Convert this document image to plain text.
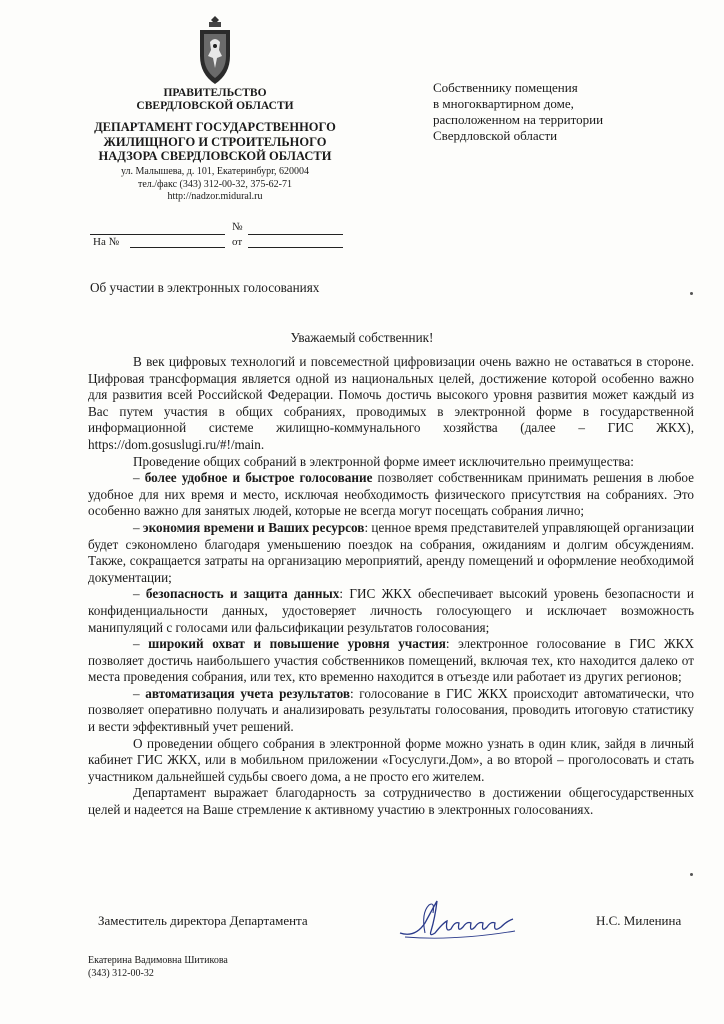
ПРАВИТЕЛЬСТВО
СВЕРДЛОВСКОЙ ОБЛАСТИ
ДЕПАРТАМЕНТ ГОСУДАРСТВЕННОГО
ЖИЛИЩНОГО И СТРОИТЕЛЬНОГО
НАДЗОРА СВЕРДЛОВСКОЙ ОБЛАСТИ
ул. Малышева, д. 101, Екатеринбург, 620004
тел./факс (343) 312-00-32, 375-62-71
http://nadzor.midural.ru
№
На №	от
Собственнику помещения
в многоквартирном доме,
расположенном на территории
Свердловской области
Об участии в электронных голосованиях
Уважаемый собственник!

В век цифровых технологий и повсеместной цифровизации очень важно не оставаться в стороне. Цифровая трансформация является одной из национальных целей, достижение которой особенно важно для развития всей Российской Федерации. Помочь достичь высокого уровня развития может каждый из Вас путем участия в общих собраниях, проводимых в электронной форме в государственной информационной системе жилищно-коммунального хозяйства (далее – ГИС ЖКХ), https://dom.gosuslugi.ru/#!/main.

Проведение общих собраний в электронной форме имеет исключительно преимущества:

– более удобное и быстрое голосование позволяет собственникам принимать решения в любое удобное для них время и место, исключая необходимость физического присутствия на собраниях. Это особенно важно для занятых людей, которые не всегда могут посещать собрания лично;

– экономия времени и Ваших ресурсов: ценное время представителей управляющей организации будет сэкономлено благодаря уменьшению поездок на собрания, ожиданиям и долгим обсуждениям. Также, сокращается затраты на организацию мероприятий, аренду помещений и оформление необходимой документации;

– безопасность и защита данных: ГИС ЖКХ обеспечивает высокий уровень безопасности и конфиденциальности данных, удостоверяет личность голосующего и исключает возможность манипуляций с голосами или фальсификации результатов голосования;

– широкий охват и повышение уровня участия: электронное голосование в ГИС ЖКХ позволяет достичь наибольшего участия собственников помещений, включая тех, кто находится далеко от места проведения собрания, или тех, кто временно находится в отъезде или работает из других регионов;

– автоматизация учета результатов: голосование в ГИС ЖКХ происходит автоматически, что позволяет оперативно получать и анализировать результаты голосования, проводить итоговую статистику и вести эффективный учет решений.

О проведении общего собрания в электронной форме можно узнать в один клик, зайдя в личный кабинет ГИС ЖКХ, или в мобильном приложении «Госуслуги.Дом», а во второй – проголосовать и стать участником дальнейшей судьбы своего дома, а не просто его жителем.

Департамент выражает благодарность за сотрудничество в достижении общегосударственных целей и надеется на Ваше стремление к активному участию в электронных голосованиях.

Заместитель директора Департамента	Н.С. Миленина
Екатерина Вадимовна Шитикова
(343) 312-00-32
